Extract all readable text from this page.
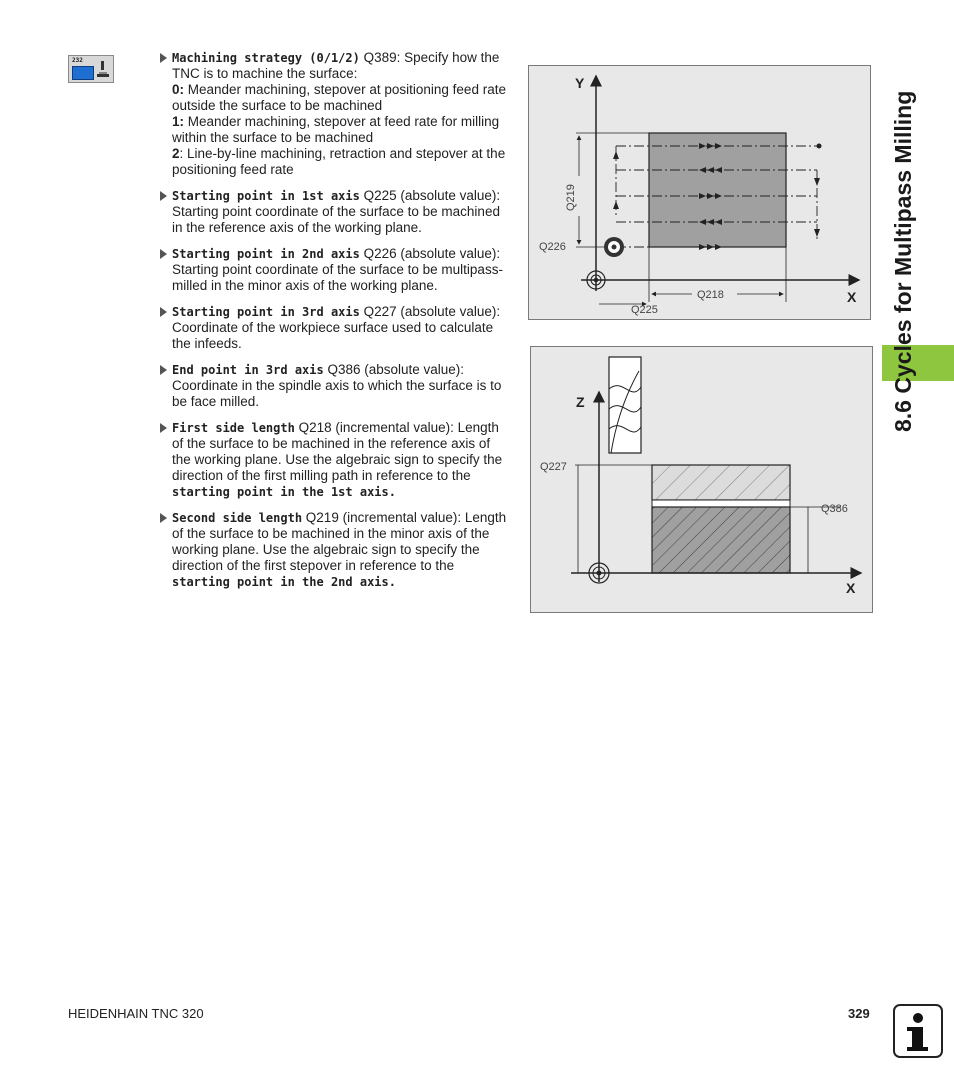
232	Machining strategy (0/1/2) Q389: Specify how the TNC is to machine the surface:
0: Meander machining, stepover at positioning feed rate outside the surface to be machined
1: Meander machining, stepover at feed rate for milling within the surface to be machined
2: Line-by-line machining, retraction and stepover at the positioning feed rate
Starting point in 1st axis Q225 (absolute value): Starting point coordinate of the surface to be machined in the reference axis of the working plane.
Starting point in 2nd axis Q226 (absolute value): Starting point coordinate of the surface to be multipass-milled in the minor axis of the working plane.
Starting point in 3rd axis Q227 (absolute value): Coordinate of the workpiece surface used to calculate the infeeds.
End point in 3rd axis Q386 (absolute value): Coordinate in the spindle axis to which the surface is to be face milled.
First side length Q218 (incremental value): Length of the surface to be machined in the reference axis of the working plane. Use the algebraic sign to specify the direction of the first milling path in reference to the starting point in the 1st axis.
Second side length Q219 (incremental value): Length of the surface to be machined in the minor axis of the working plane. Use the algebraic sign to specify the direction of the first stepover in reference to the
starting point in the 2nd axis.
Q219
Q218
Q225
Q226
Y
X
Q227
Q386
Z
X
8.6 Cycles for Multipass Milling
HEIDENHAIN TNC 320	329
